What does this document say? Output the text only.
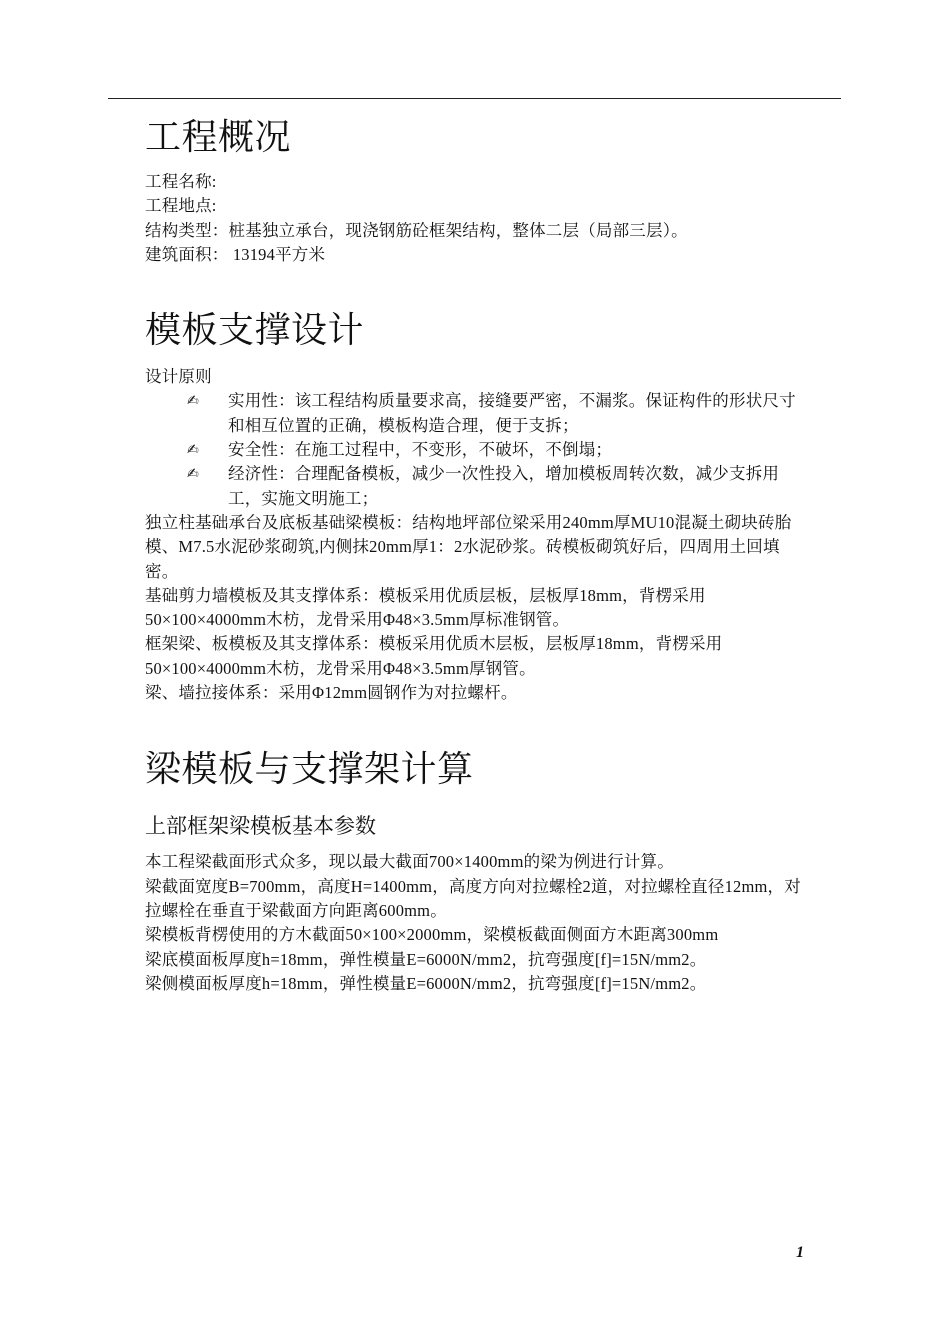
工程概况

工程名称:

工程地点:

结构类型：桩基独立承台，现浇钢筋砼框架结构，整体二层（局部三层）。

建筑面积： 13194平方米

模板支撑设计

设计原则

✍ 实用性：该工程结构质量要求高，接缝要严密，不漏浆。保证构件的形状尺寸和相互位置的正确，模板构造合理，便于支拆；
✍ 安全性：在施工过程中，不变形，不破坏，不倒塌；
✍ 经济性：合理配备模板，减少一次性投入，增加模板周转次数，减少支拆用工，实施文明施工；

独立柱基础承台及底板基础梁模板：结构地坪部位梁采用240mm厚MU10混凝土砌块砖胎模、M7.5水泥砂浆砌筑,内侧抹20mm厚1：2水泥砂浆。砖模板砌筑好后，四周用土回填密。

基础剪力墙模板及其支撑体系：模板采用优质层板，层板厚18mm，背楞采用50×100×4000mm木枋，龙骨采用Φ48×3.5mm厚标准钢管。

框架梁、板模板及其支撑体系：模板采用优质木层板，层板厚18mm，背楞采用50×100×4000mm木枋，龙骨采用Φ48×3.5mm厚钢管。

梁、墙拉接体系：采用Φ12mm圆钢作为对拉螺杆。

梁模板与支撑架计算
上部框架梁模板基本参数

本工程梁截面形式众多，现以最大截面700×1400mm的梁为例进行计算。

梁截面宽度B=700mm，高度H=1400mm，高度方向对拉螺栓2道，对拉螺栓直径12mm，对拉螺栓在垂直于梁截面方向距离600mm。

梁模板背楞使用的方木截面50×100×2000mm，梁模板截面侧面方木距离300mm

梁底模面板厚度h=18mm，弹性模量E=6000N/mm2，抗弯强度[f]=15N/mm2。

梁侧模面板厚度h=18mm，弹性模量E=6000N/mm2，抗弯强度[f]=15N/mm2。

1
